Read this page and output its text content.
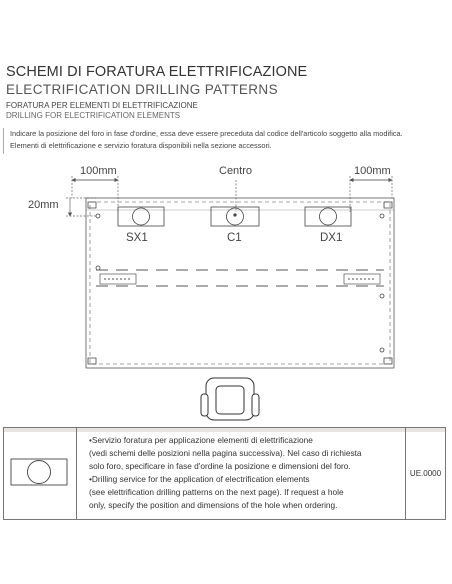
SCHEMI DI FORATURA ELETTRIFICAZIONE
ELECTRIFICATION DRILLING PATTERNS
FORATURA PER ELEMENTI DI ELETTRIFICAZIONE
DRILLING FOR ELECTRIFICATION ELEMENTS
Indicare la posizione del foro in fase d'ordine, essa deve essere preceduta dal codice dell'articolo soggetto alla modifica.
Elementi di elettrificazione e servizio foratura disponibili nella sezione accessori.
100mm	Centro	100mm
20mm
SX1	C1	DX1
•Servizio foratura per applicazione elementi di elettrificazione
(vedi schemi delle posizioni nella pagina successiva). Nel caso di richiesta
solo foro, specificare in fase d'ordine la posizione e dimensioni del foro.
•Drilling service for the application of electrification elements
(see elettrification drilling patterns on the next page). If request a hole
only, specify the position and dimensions of the hole when ordering.
UE.0000
